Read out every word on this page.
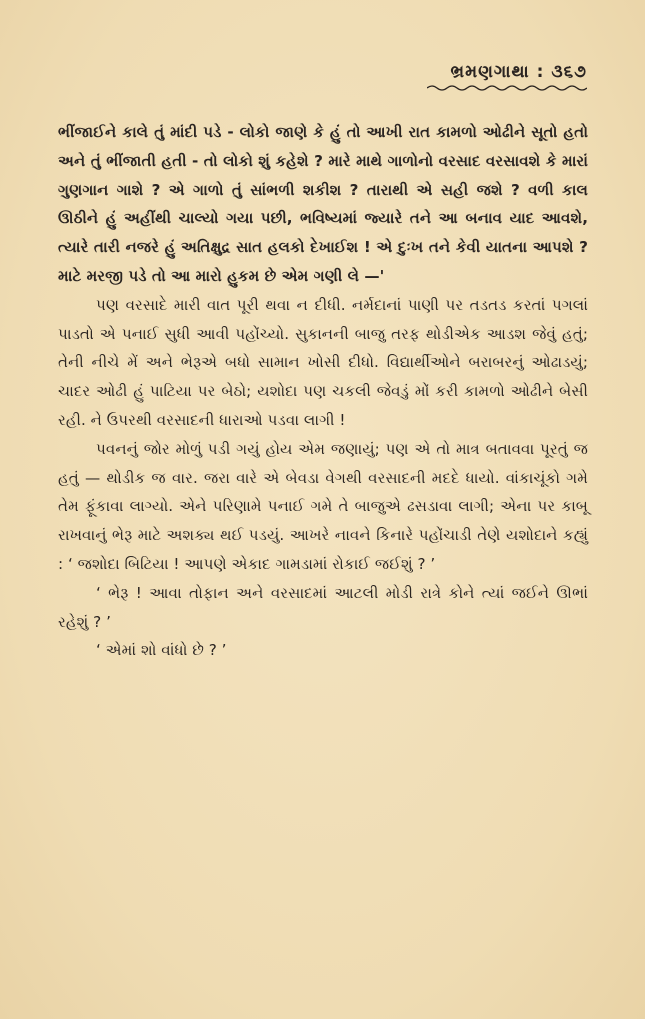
ભ્રમણગાથા : ૩૬૭

ભીંજાઈને કાલે તું માંદી પડે - લોકો જાણે કે હું તો આખી રાત કામળો ઓઢીને સૂતો હતો અને તું ભીંજાતી હતી - તો લોકો શું કહેશે ? મારે માથે ગાળોનો વરસાદ વરસાવશે કે મારાં ગુણગાન ગાશે ? એ ગાળો તું સાંભળી શકીશ ? તારાથી એ સહી જશે ? વળી કાલ ઊઠીને હું અહીંથી ચાલ્યો ગયા પછી, ભવિષ્યમાં જ્યારે તને આ બનાવ યાદ આવશે, ત્યારે તારી નજરે હું અતિક્ષુદ્ર સાત હલકો દેખાઈશ ! એ દુઃખ તને કેવી યાતના આપશે ? માટે મરજી પડે તો આ મારો હુકમ છે એમ ગણી લે —'

પણ વરસાદે મારી વાત પૂરી થવા ન દીધી. નર્મદાનાં પાણી પર તડતડ કરતાં પગલાં પાડતો એ પનાઈ સુધી આવી પહોંચ્યો. સુકાનની બાજુ તરફ થોડીએક આડશ જેવું હતું; તેની નીચે મેં અને ભેરૂએ બધો સામાન ખોસી દીધો. વિદ્યાર્થીઓને બરાબરનું ઓઢાડયું; ચાદર ઓઢી હું પાટિયા પર બેઠો; યશોદા પણ ચકલી જેવડું મોં કરી કામળો ઓઢીને બેસી રહી. ને ઉપરથી વરસાદની ધારાઓ પડવા લાગી !

પવનનું જોર મોળું પડી ગયું હોય એમ જણાયું; પણ એ તો માત્ર બતાવવા પૂરતું જ હતું — થોડીક જ વાર. જરા વારે એ બેવડા વેગથી વરસાદની મદદે ધાયો. વાંકાચૂંકો ગમે તેમ ફૂંકાવા લાગ્યો. એને પરિણામે પનાઈ ગમે તે બાજુએ ઢસડાવા લાગી; એના પર કાબૂ રાખવાનું ભેરૂ માટે અશક્ય થઈ પડયું. આખરે નાવને કિનારે પહોંચાડી તેણે યશોદાને કહ્યું : ‘ જશોદા બિટિયા ! આપણે એકાદ ગામડામાં રોકાઈ જઈશું ? ’

‘ ભેરૂ ! આવા તોફાન અને વરસાદમાં આટલી મોડી રાત્રે કોને ત્યાં જઈને ઊભાં રહેશું ? ’

‘ એમાં શો વાંધો છે ? ’
